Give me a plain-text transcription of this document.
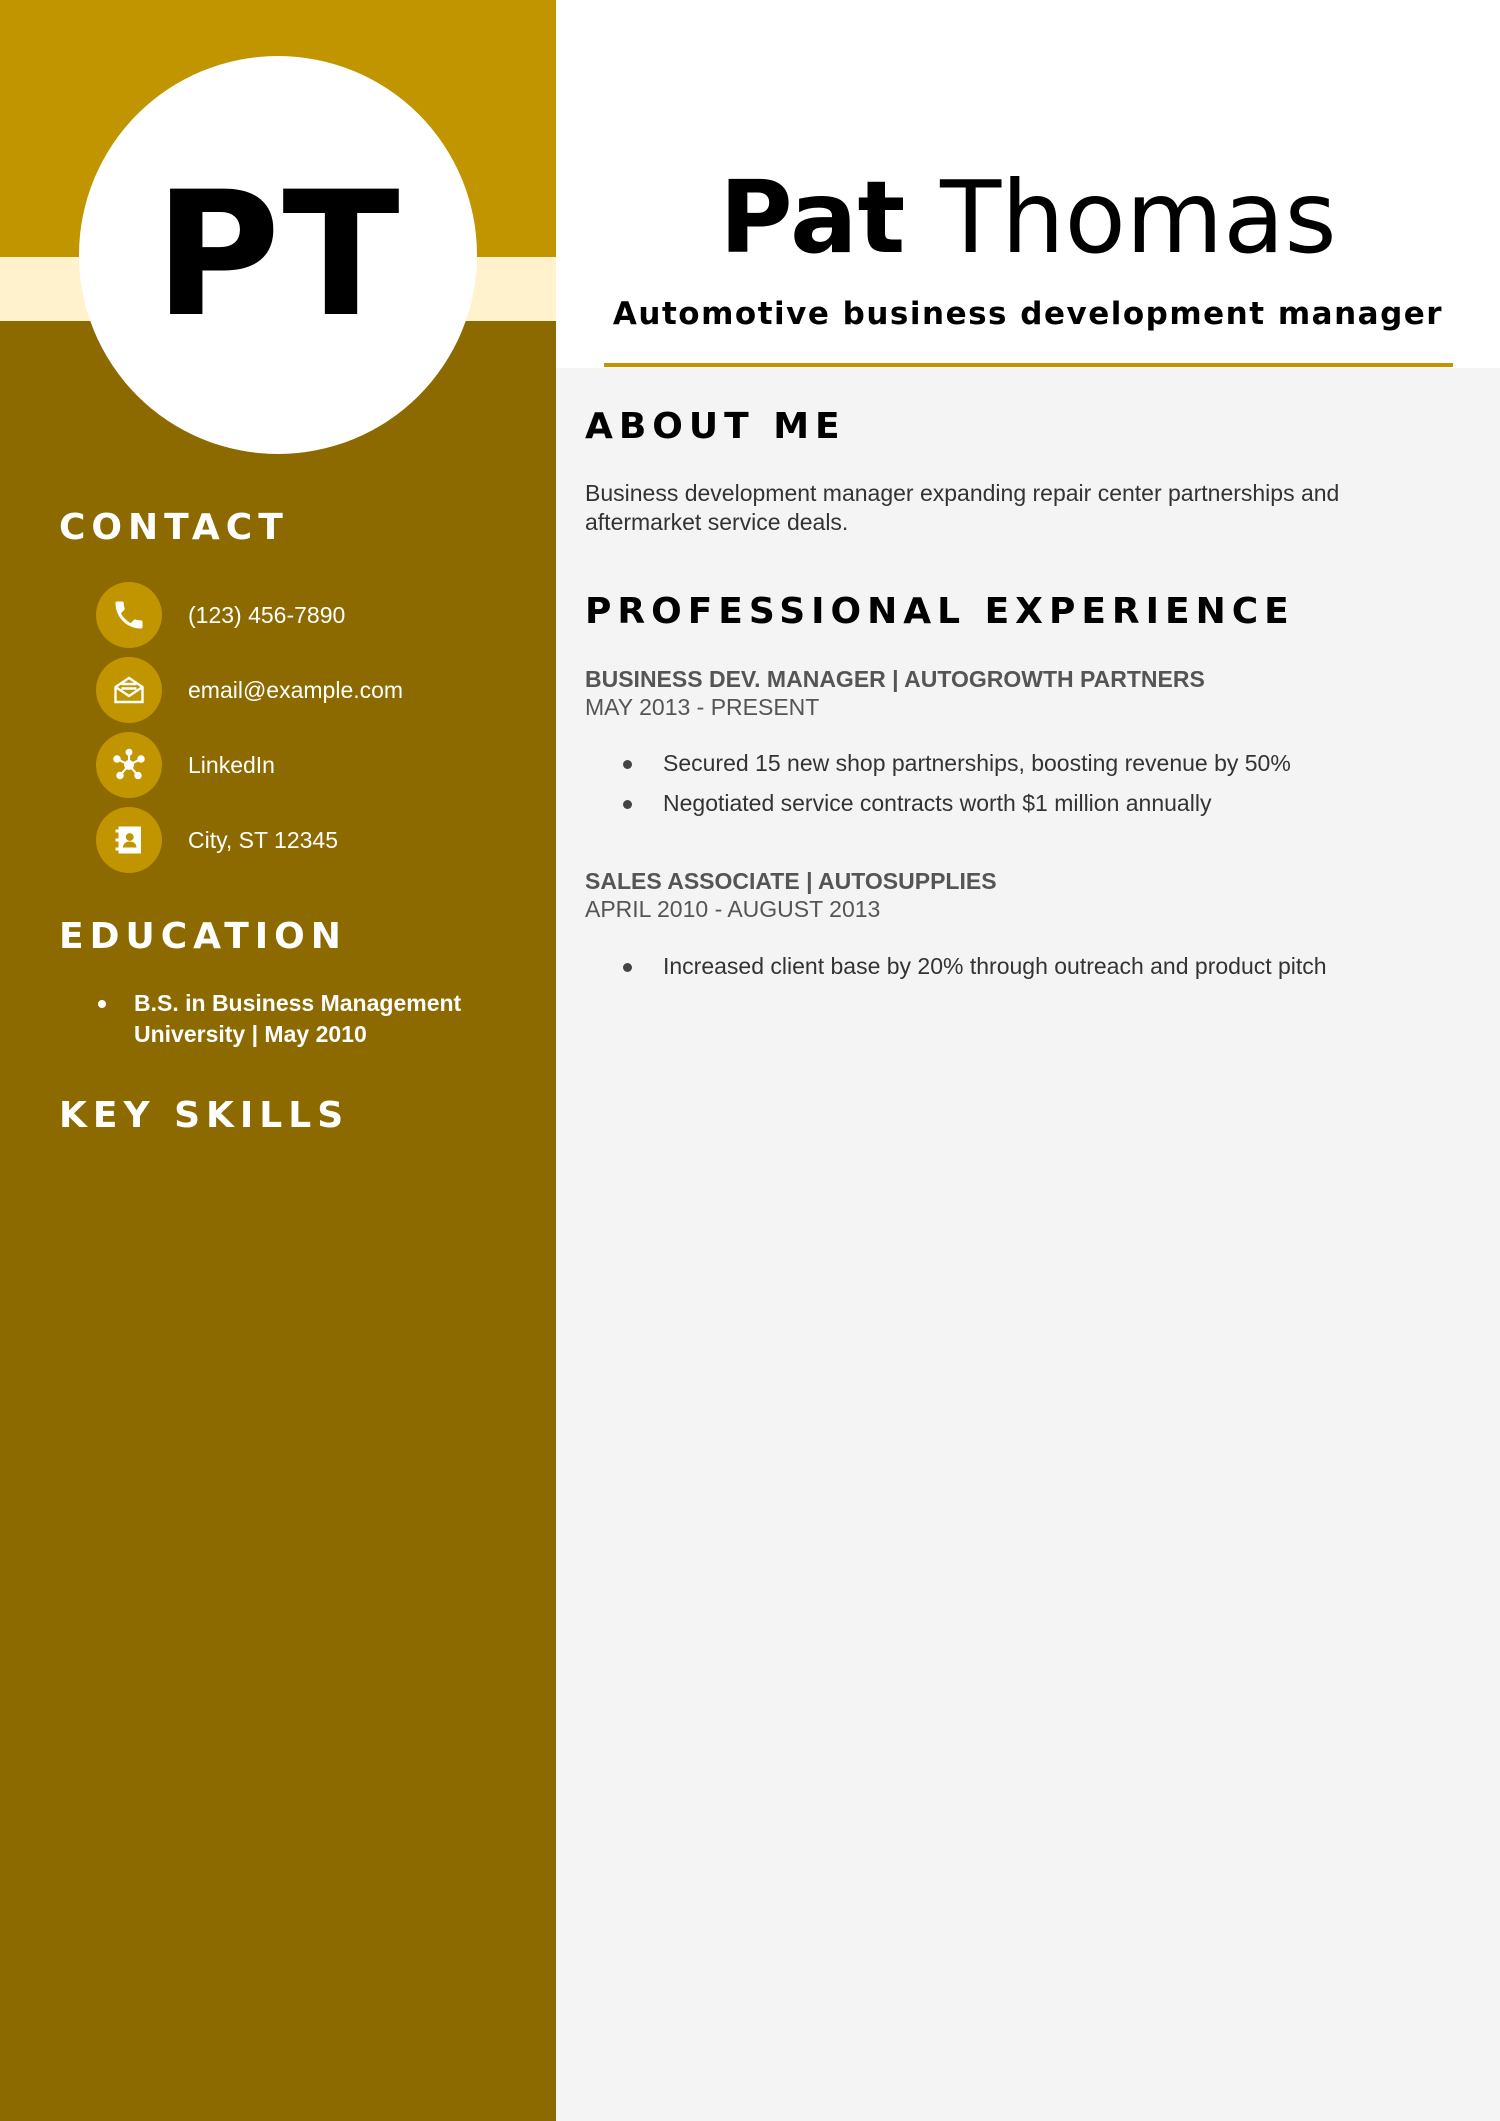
PT
CONTACT
(123) 456-7890
email@example.com
LinkedIn
City, ST 12345
EDUCATION
B.S. in Business Management
University | May 2010
KEY SKILLS
Pat Thomas

Automotive business development manager

ABOUT ME

Business development manager expanding repair center partnerships and aftermarket service deals.

PROFESSIONAL EXPERIENCE

BUSINESS DEV. MANAGER | AUTOGROWTH PARTNERS

MAY 2013 - PRESENT

Secured 15 new shop partnerships, boosting revenue by 50%
Negotiated service contracts worth $1 million annually

SALES ASSOCIATE | AUTOSUPPLIES

APRIL 2010 - AUGUST 2013

Increased client base by 20% through outreach and product pitch
